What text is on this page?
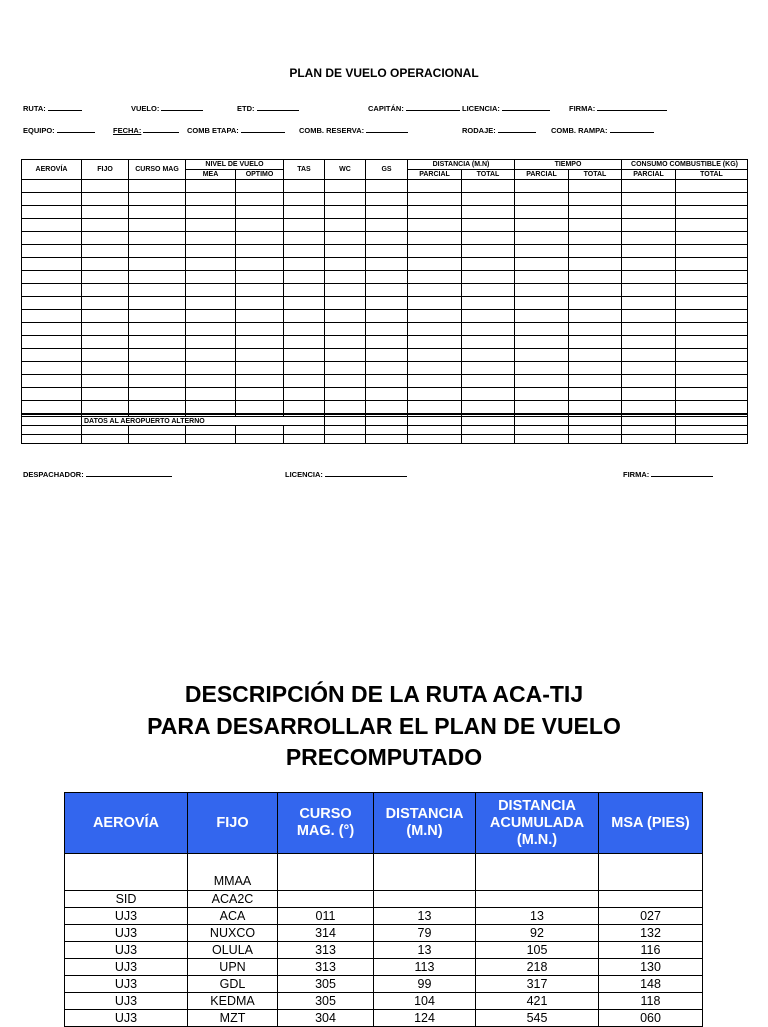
PLAN DE VUELO OPERACIONAL
RUTA:	VUELO:	ETD:	CAPITÁN:	LICENCIA:	FIRMA:
EQUIPO:	FECHA:	COMB ETAPA:	COMB. RESERVA:	RODAJE:	COMB. RAMPA:
AEROVÍA	FIJO	CURSO MAG	NIVEL DE VUELO		TAS	WC	GS	DISTANCIA (M.N)		TIEMPO		CONSUMO COMBUSTIBLE (KG)	
			MEA	OPTIMO				PARCIAL	TOTAL	PARCIAL	TOTAL	PARCIAL	TOTAL

	DATOS AL AEROPUERTO ALTERNO												

DESPACHADOR:	LICENCIA:	FIRMA:
DESCRIPCIÓN DE LA RUTA ACA-TIJ
PARA DESARROLLAR EL PLAN DE VUELO
PRECOMPUTADO
AEROVÍA	FIJO	CURSO MAG. (°)	DISTANCIA (M.N)	DISTANCIA ACUMULADA (M.N.)	MSA (PIES)
	MMAA				
SID	ACA2C				
UJ3	ACA	011	13	13	027
UJ3	NUXCO	314	79	92	132
UJ3	OLULA	313	13	105	116
UJ3	UPN	313	113	218	130
UJ3	GDL	305	99	317	148
UJ3	KEDMA	305	104	421	118
UJ3	MZT	304	124	545	060
